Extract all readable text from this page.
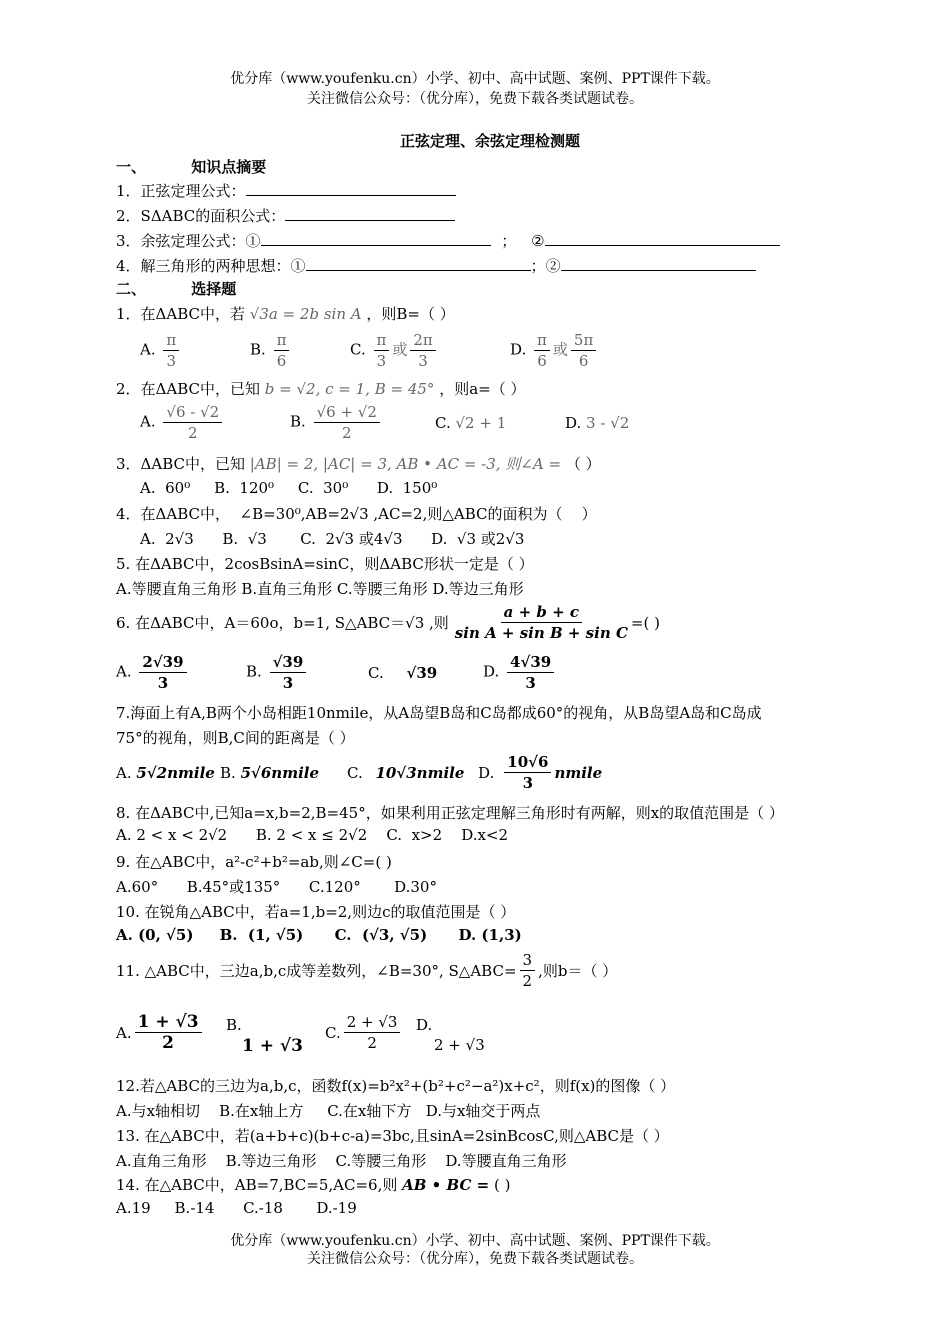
优分库（www.youfenku.cn）小学、初中、高中试题、案例、PPT课件下载。
关注微信公众号：（优分库），免费下载各类试题试卷。
正弦定理、余弦定理检测题
一、	知识点摘要
1．正弦定理公式：
2．SΔABC的面积公式：
3．余弦定理公式：①	； ②
4．解三角形的两种思想：①	；②
二、	选择题
1．在ΔABC中，若 √3a = 2b sin A ，则B=（ ）
A. $\frac{\pi}{3}$	B. $\frac{\pi}{6}$	C. $\frac{\pi}{3}$ 或 $\frac{2\pi}{3}$	D. $\frac{\pi}{6}$ 或 $\frac{5\pi}{6}$
2．在ΔABC中，已知 b = √2, c = 1, B = 45° ，则a=（ ）
A. $\frac{√6 - √2}{2}$	B. $\frac{√6 + √2}{2}$	C. √2 + 1	D. 3 - √2
3．ΔABC中，已知 |AB| = 2, |AC| = 3, AB • AC = -3, 则∠A = （ ）
A.  60⁰     B.  120⁰     C.  30⁰      D.  150⁰
4．在ΔABC中，  ∠B=30⁰,AB=2√3 ,AC=2,则△ABC的面积为（    ）
A.  2√3      B.  √3       C.  2√3 或4√3      D.  √3 或2√3
5. 在ΔABC中，2cosBsinA=sinC，则ΔABC形状一定是（ ）
A.等腰直角三角形 B.直角三角形 C.等腰三角形 D.等边三角形
6. 在ΔABC中，A＝60o，b=1, S△ABC＝√3 ,则 $\frac{a + b + c}{\text{sin A + sin B + sin C}}$ =( )
A. $\frac{2√39}{3}$	B. $\frac{√39}{3}$	C. √39	D. $\frac{4√39}{3}$
7.海面上有A,B两个小岛相距10nmile，从A岛望B岛和C岛都成60°的视角，从B岛望A岛和C岛成
75°的视角，则B,C间的距离是（ ）
A. 5√2nmile B. 5√6nmile C. 10√3nmile D. $\frac{10√6}{3}$ nmile
8. 在ΔABC中,已知a=x,b=2,B=45°，如果利用正弦定理解三角形时有两解，则x的取值范围是（ ）
A. 2 < x < 2√2      B. 2 < x ≤ 2√2    C.  x>2    D.x<2
9. 在△ABC中，a²-c²+b²=ab,则∠C=( )
A.60°      B.45°或135°      C.120°       D.30°
10. 在锐角△ABC中，若a=1,b=2,则边c的取值范围是（ ）
A. (0, √5)     B.  (1, √5)      C.  (√3, √5)      D. (1,3)
11. △ABC中，三边a,b,c成等差数列，∠B=30°, S△ABC= $\frac{3}{2}$ ,则b＝（ ）
A. $\frac{1 + √3}{2} B$.
1 + √3
C. $\frac{2 + √3}{2} D$.
2 + √3
12.若△ABC的三边为a,b,c，函数f(x)=b²x²+(b²+c²−a²)x+c²，则f(x)的图像（ ）
A.与x轴相切    B.在x轴上方     C.在x轴下方   D.与x轴交于两点
13. 在△ABC中，若(a+b+c)(b+c-a)=3bc,且sinA=2sinBcosC,则△ABC是（ ）
A.直角三角形    B.等边三角形    C.等腰三角形    D.等腰直角三角形
14. 在△ABC中，AB=7,BC=5,AC=6,则 AB • BC = ( )
A.19     B.-14      C.-18       D.-19
优分库（www.youfenku.cn）小学、初中、高中试题、案例、PPT课件下载。
关注微信公众号：（优分库），免费下载各类试题试卷。
